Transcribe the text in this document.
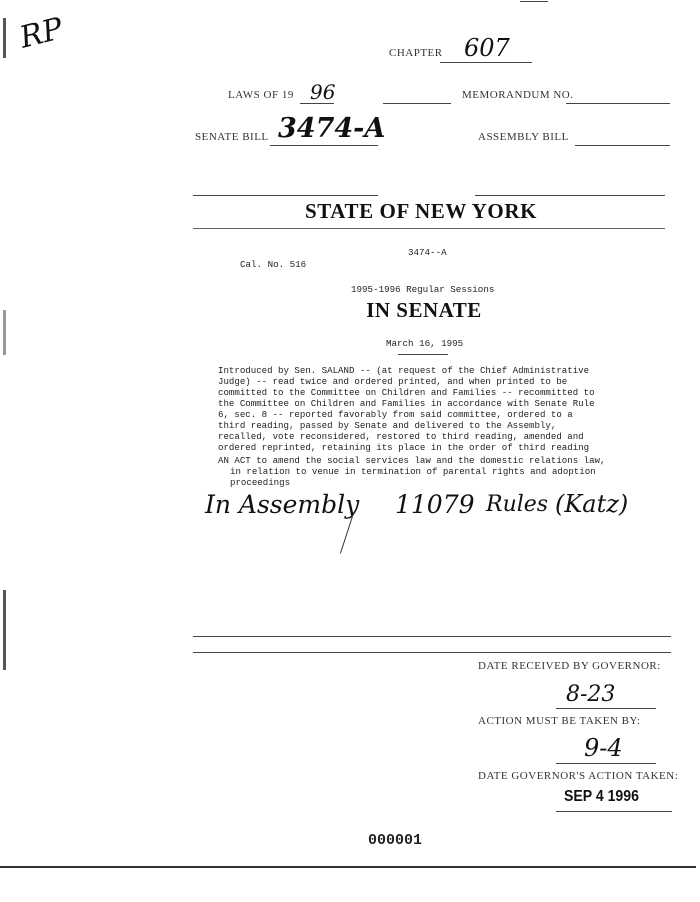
RP	CHAPTER 607
LAWS OF 19 96	MEMORANDUM NO.
SENATE BILL 3474-A	ASSEMBLY BILL
STATE OF NEW YORK
3474--A
Cal. No. 516
1995-1996 Regular Sessions
IN SENATE
March 16, 1995
Introduced by Sen. SALAND -- (at request of the Chief Administrative
Judge) -- read twice and ordered printed, and when printed to be
committed to the Committee on Children and Families -- recommitted to
the Committee on Children and Families in accordance with Senate Rule
6, sec. 8 -- reported favorably from said committee, ordered to a
third reading, passed by Senate and delivered to the Assembly,
recalled, vote reconsidered, restored to third reading, amended and
ordered reprinted, retaining its place in the order of third reading
AN ACT to amend the social services law and the domestic relations law,
in relation to venue in termination of parental rights and adoption
proceedings
In Assembly 11079 Rules (Katz)
DATE RECEIVED BY GOVERNOR:
8-23
ACTION MUST BE TAKEN BY:
9-4
DATE GOVERNOR'S ACTION TAKEN:
SEP 4 1996
000001
